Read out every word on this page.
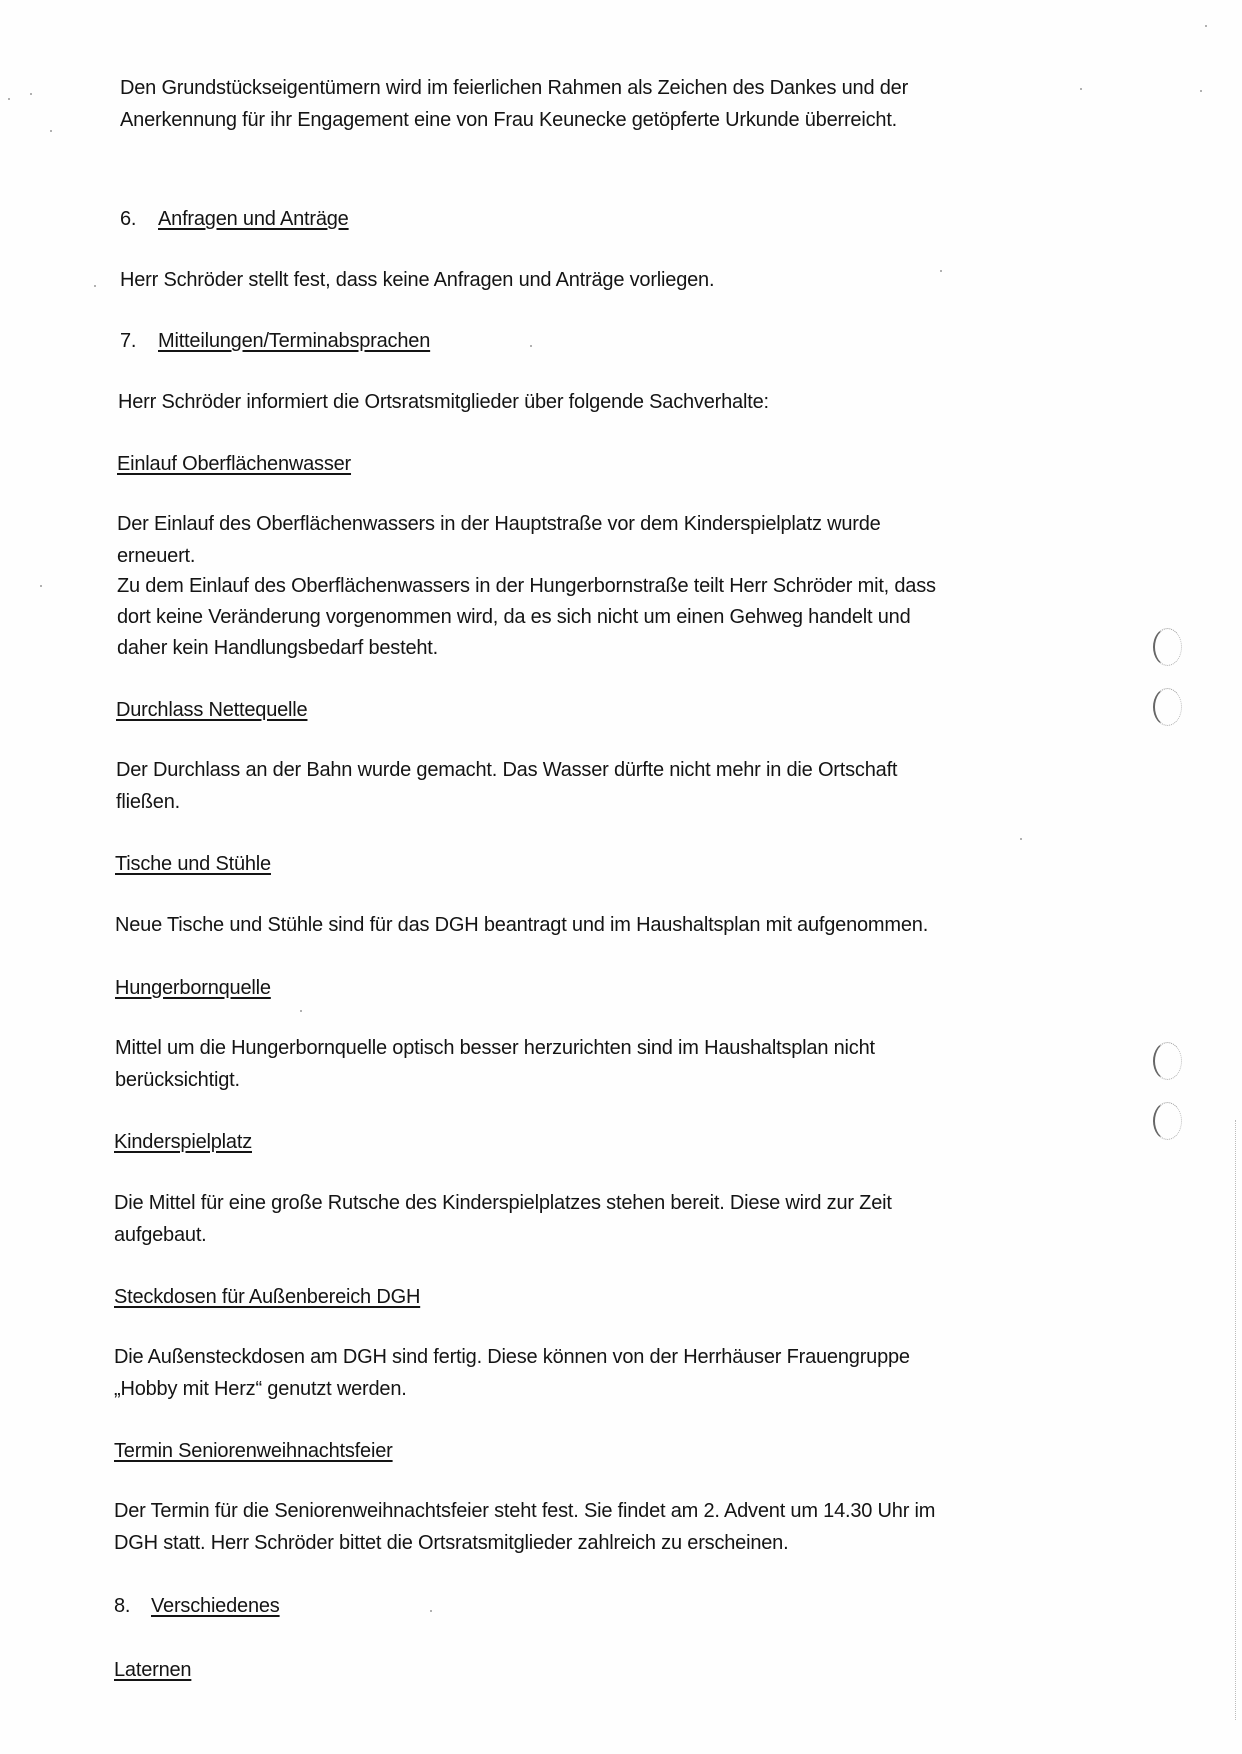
Den Grundstückseigentümern wird im feierlichen Rahmen als Zeichen des Dankes und der
Anerkennung für ihr Engagement eine von Frau Keunecke getöpferte Urkunde überreicht.
6. Anfragen und Anträge
Herr Schröder stellt fest, dass keine Anfragen und Anträge vorliegen.
7. Mitteilungen/Terminabsprachen
Herr Schröder informiert die Ortsratsmitglieder über folgende Sachverhalte:
Einlauf Oberflächenwasser
Der Einlauf des Oberflächenwassers in der Hauptstraße vor dem Kinderspielplatz wurde
erneuert.
Zu dem Einlauf des Oberflächenwassers in der Hungerbornstraße teilt Herr Schröder mit, dass
dort keine Veränderung vorgenommen wird, da es sich nicht um einen Gehweg handelt und
daher kein Handlungsbedarf besteht.
Durchlass Nettequelle
Der Durchlass an der Bahn wurde gemacht. Das Wasser dürfte nicht mehr in die Ortschaft
fließen.
Tische und Stühle
Neue Tische und Stühle sind für das DGH beantragt und im Haushaltsplan mit aufgenommen.
Hungerbornquelle
Mittel um die Hungerbornquelle optisch besser herzurichten sind im Haushaltsplan nicht
berücksichtigt.
Kinderspielplatz
Die Mittel für eine große Rutsche des Kinderspielplatzes stehen bereit. Diese wird zur Zeit
aufgebaut.
Steckdosen für Außenbereich DGH
Die Außensteckdosen am DGH sind fertig. Diese können von der Herrhäuser Frauengruppe
„Hobby mit Herz“ genutzt werden.
Termin Seniorenweihnachtsfeier
Der Termin für die Seniorenweihnachtsfeier steht fest. Sie findet am 2. Advent um 14.30 Uhr im
DGH statt. Herr Schröder bittet die Ortsratsmitglieder zahlreich zu erscheinen.
8. Verschiedenes
Laternen
